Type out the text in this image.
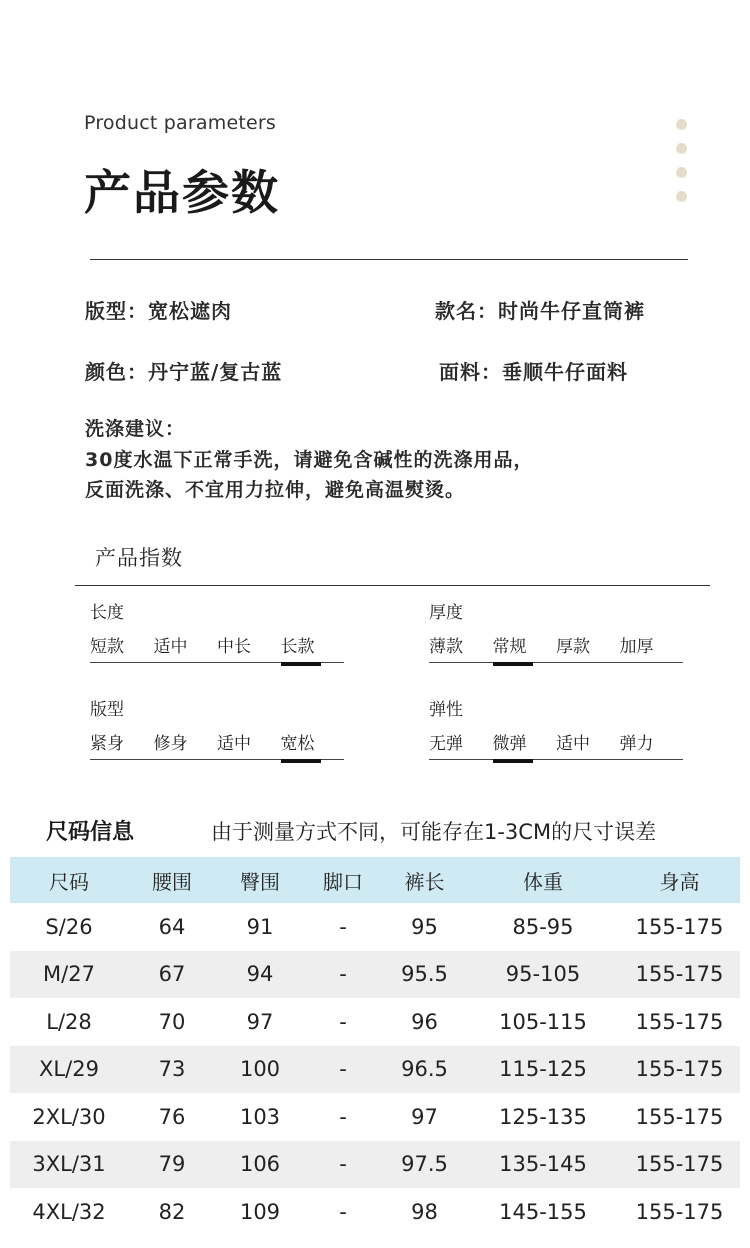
Product parameters
产品参数
版型：宽松遮肉	款名：时尚牛仔直筒裤
颜色：丹宁蓝/复古蓝	面料：垂顺牛仔面料
洗涤建议：
30度水温下正常手洗，请避免含碱性的洗涤用品，
反面洗涤、不宜用力拉伸，避免高温熨烫。
产品指数
长度
短款	适中	中长	长款
厚度
薄款	常规	厚款	加厚
版型
紧身	修身	适中	宽松
弹性
无弹	微弹	适中	弹力
尺码信息	由于测量方式不同，可能存在1-3CM的尺寸误差
尺码	腰围	臀围	脚口	裤长	体重	身高
S/26	64	91	-	95	85-95	155-175
M/27	67	94	-	95.5	95-105	155-175
L/28	70	97	-	96	105-115	155-175
XL/29	73	100	-	96.5	115-125	155-175
2XL/30	76	103	-	97	125-135	155-175
3XL/31	79	106	-	97.5	135-145	155-175
4XL/32	82	109	-	98	145-155	155-175
